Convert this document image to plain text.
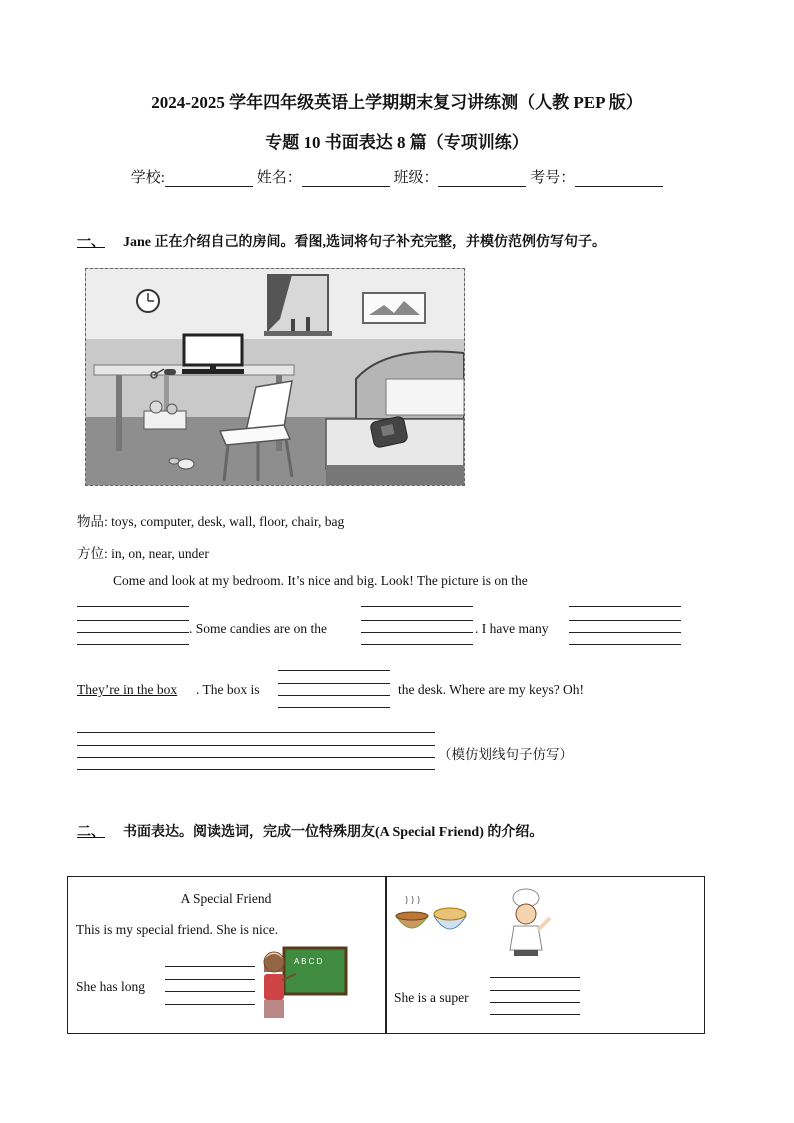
2024-2025 学年四年级英语上学期期末复习讲练测（人教 PEP 版）
专题 10 书面表达 8 篇（专项训练）
学校:	姓名：	班级：	考号：
一、 Jane 正在介绍自己的房间。看图,选词将句子补充完整，并模仿范例仿写句子。
物品: toys, computer, desk, wall, floor, chair, bag
方位: in, on, near, under
Come and look at my bedroom. It’s nice and big. Look! The picture is on the
. Some candies are on the	. I have many
They’re in the box . The box is	the desk. Where are my keys? Oh!
（模仿划线句子仿写）
二、 书面表达。阅读选词，完成一位特殊朋友(A Special Friend) 的介绍。
A Special Friend
This is my special friend. She is nice.
She has long
A B C D
She is a super
